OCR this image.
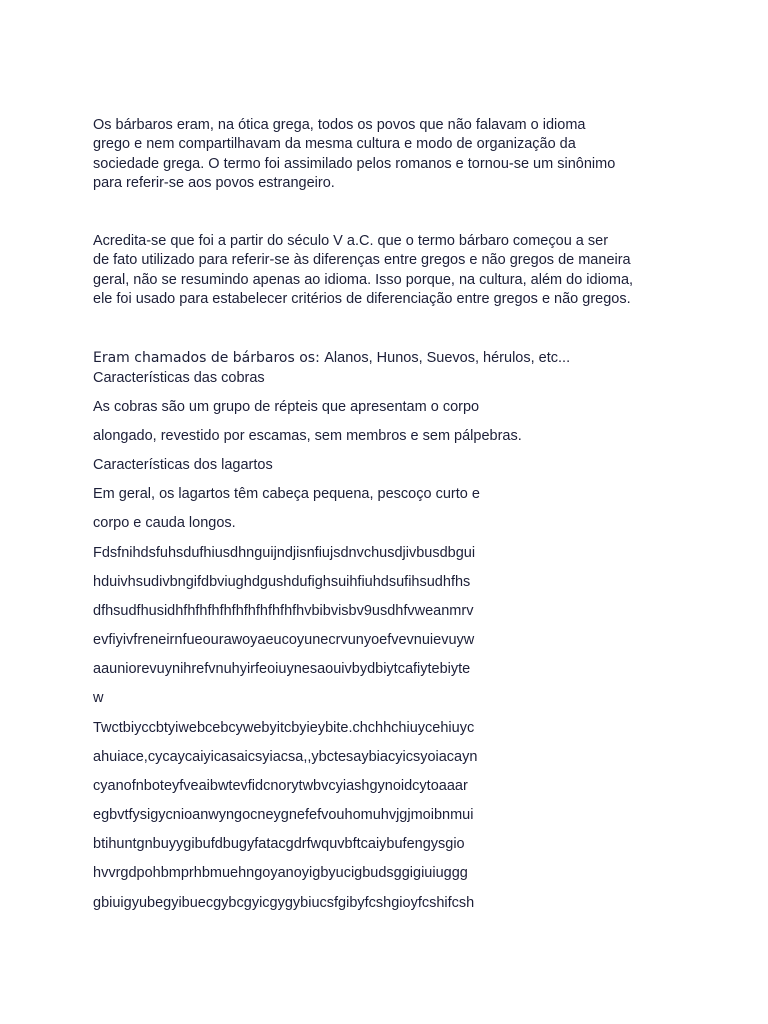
Os bárbaros eram, na ótica grega, todos os povos que não falavam o idioma
grego e nem compartilhavam da mesma cultura e modo de organização da
sociedade grega. O termo foi assimilado pelos romanos e tornou-se um sinônimo
para referir-se aos povos estrangeiro.

Acredita-se que foi a partir do século V a.C. que o termo bárbaro começou a ser
de fato utilizado para referir-se às diferenças entre gregos e não gregos de maneira
geral, não se resumindo apenas ao idioma. Isso porque, na cultura, além do idioma,
ele foi usado para estabelecer critérios de diferenciação entre gregos e não gregos.

Eram chamados de bárbaros os: Alanos, Hunos, Suevos, hérulos, etc...

Características das cobras

As cobras são um grupo de répteis que apresentam o corpo

alongado, revestido por escamas, sem membros e sem pálpebras.

Características dos lagartos

Em geral, os lagartos têm cabeça pequena, pescoço curto e

corpo e cauda longos.

Fdsfnihdsfuhsdufhiusdhnguijndjisnfiujsdnvchusdjivbusdbgui

hduivhsudivbngifdbviughdgushdufighsuihfiuhdsufihsudhfhs

dfhsudfhusidhfhfhfhfhfhfhfhfhfhfhvbibvisbv9usdhfvweanmrv

evfiyivfreneirnfueourawoyaeucoyunecrvunyoefvevnuievuyw

aauniorevuynihrefvnuhyirfeoiuynesaouivbydbiytcafiytebiyte

w

Twctbiyccbtyiwebcebcywebyitcbyieybite.chchhchiuycehiuyc

ahuiace,cycaycaiyicasaicsyiacsa,,ybctesaybiacyicsyoiacayn

cyanofnboteyfveaibwtevfidcnorytwbvcyiashgynoidcytoaaar

egbvtfysigycnioanwyngocneygnefefvouhomuhvjgjmoibnmui

btihuntgnbuyygibufdbugyfatacgdrfwquvbftcaiybufengysgio

hvvrgdpohbmprhbmuehngoyanoyigbyucigbudsggigiuiuggg

gbiuigyubegyibuecgybcgyicgygybiucsfgibyfcshgioyfcshifcsh
